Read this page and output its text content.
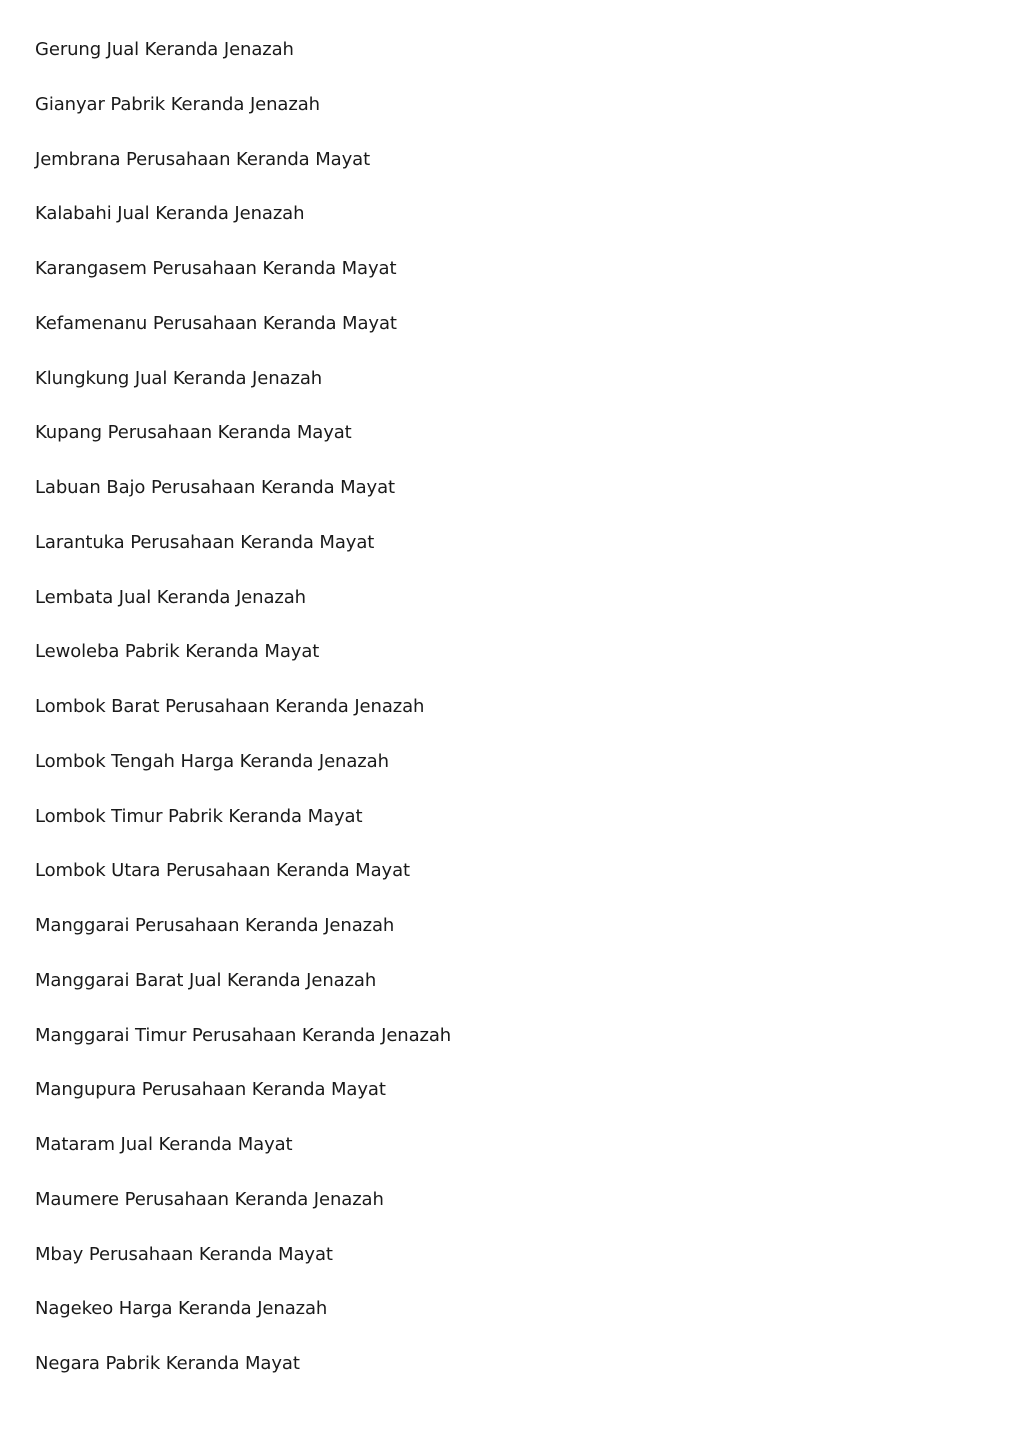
Gerung Jual Keranda Jenazah
Gianyar Pabrik Keranda Jenazah
Jembrana Perusahaan Keranda Mayat
Kalabahi Jual Keranda Jenazah
Karangasem Perusahaan Keranda Mayat
Kefamenanu Perusahaan Keranda Mayat
Klungkung Jual Keranda Jenazah
Kupang Perusahaan Keranda Mayat
Labuan Bajo Perusahaan Keranda Mayat
Larantuka Perusahaan Keranda Mayat
Lembata Jual Keranda Jenazah
Lewoleba Pabrik Keranda Mayat
Lombok Barat Perusahaan Keranda Jenazah
Lombok Tengah Harga Keranda Jenazah
Lombok Timur Pabrik Keranda Mayat
Lombok Utara Perusahaan Keranda Mayat
Manggarai Perusahaan Keranda Jenazah
Manggarai Barat Jual Keranda Jenazah
Manggarai Timur Perusahaan Keranda Jenazah
Mangupura Perusahaan Keranda Mayat
Mataram Jual Keranda Mayat
Maumere Perusahaan Keranda Jenazah
Mbay Perusahaan Keranda Mayat
Nagekeo Harga Keranda Jenazah
Negara Pabrik Keranda Mayat
